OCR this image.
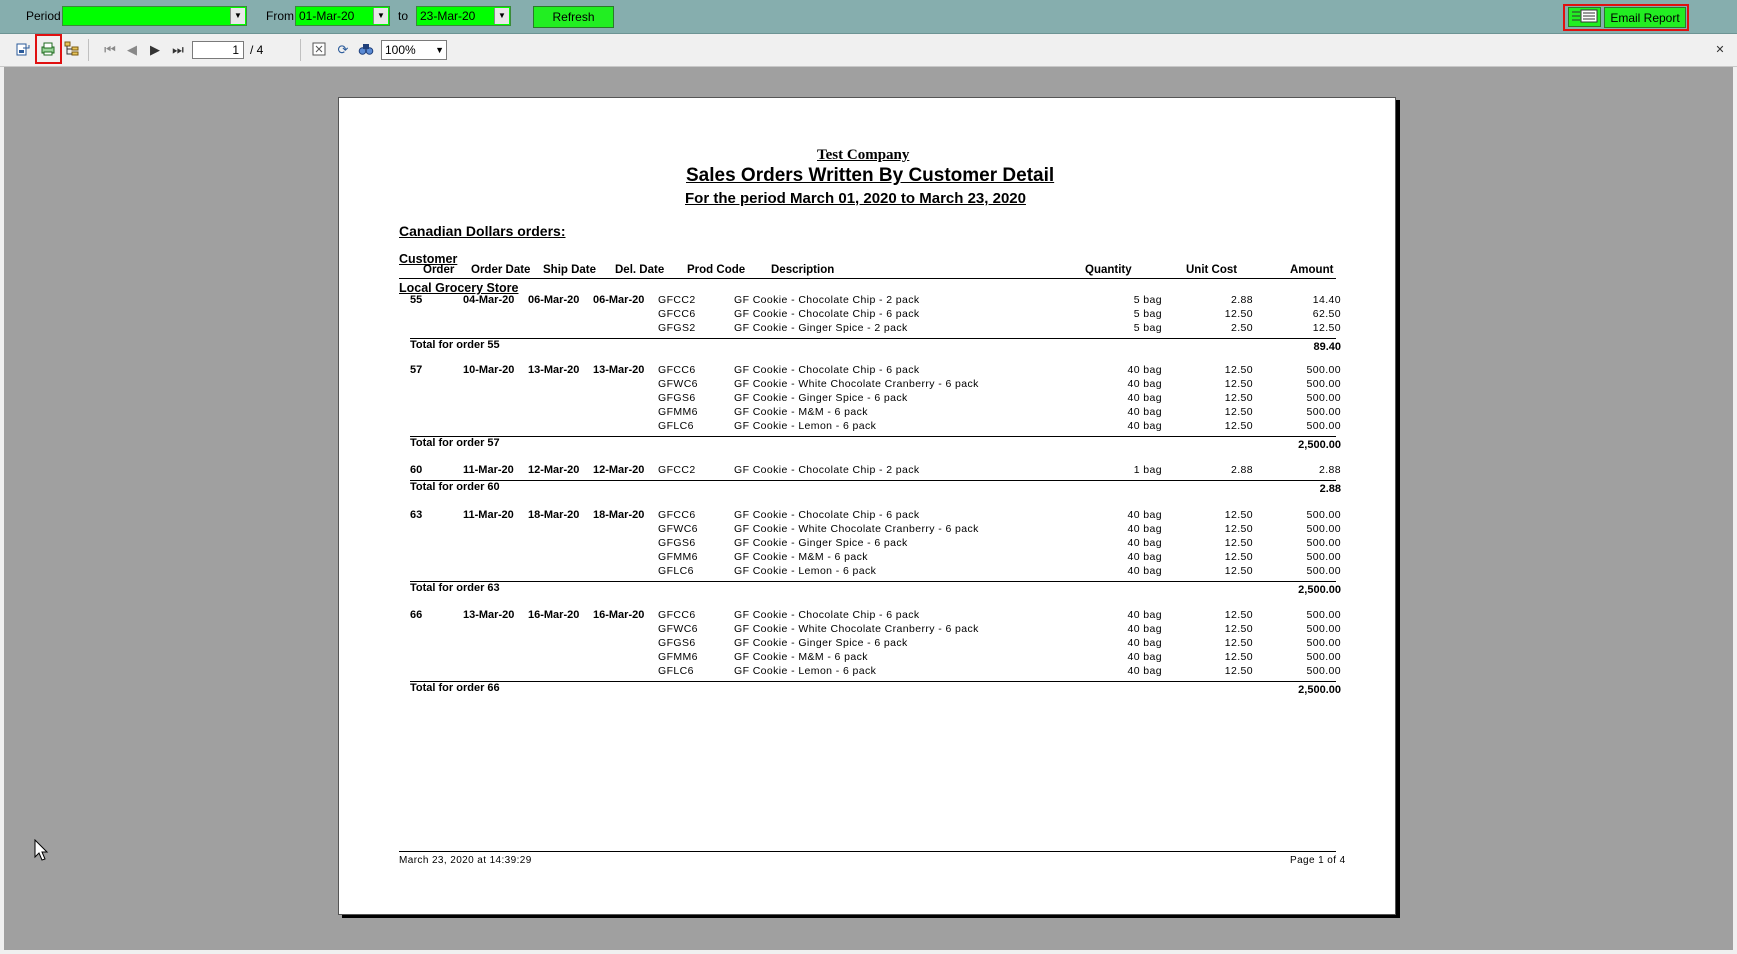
Period	▼ From 01-Mar-20	▼ to 23-Mar-20	▼	Refresh	Email Report
⏮ ◀	▶ ⏭	1 / 4	⟳	100% ▼	✕
Test Company
Sales Orders Written By Customer Detail
For the period March 01, 2020 to March 23, 2020
Canadian Dollars orders:
Customer
Order Order Date Ship Date Del. Date Prod Code Description	Quantity	Unit Cost	Amount
Local Grocery Store
55	04-Mar-20 06-Mar-20 06-Mar-20 GFCC2	GF Cookie - Chocolate Chip - 2 pack	5 bag	2.88	14.40
GFCC6	GF Cookie - Chocolate Chip - 6 pack	5 bag	12.50	62.50
GFGS2	GF Cookie - Ginger Spice - 2 pack	5 bag	2.50	12.50
Total for order 55	89.40
57	10-Mar-20 13-Mar-20 13-Mar-20 GFCC6	GF Cookie - Chocolate Chip - 6 pack	40 bag	12.50	500.00
GFWC6	GF Cookie - White Chocolate Cranberry - 6 pack	40 bag	12.50	500.00
GFGS6	GF Cookie - Ginger Spice - 6 pack	40 bag	12.50	500.00
GFMM6	GF Cookie - M&M - 6 pack	40 bag	12.50	500.00
GFLC6	GF Cookie - Lemon - 6 pack	40 bag	12.50	500.00
Total for order 57	2,500.00
60	11-Mar-20 12-Mar-20 12-Mar-20 GFCC2	GF Cookie - Chocolate Chip - 2 pack	1 bag	2.88	2.88
Total for order 60	2.88
63	11-Mar-20 18-Mar-20 18-Mar-20 GFCC6	GF Cookie - Chocolate Chip - 6 pack	40 bag	12.50	500.00
GFWC6	GF Cookie - White Chocolate Cranberry - 6 pack	40 bag	12.50	500.00
GFGS6	GF Cookie - Ginger Spice - 6 pack	40 bag	12.50	500.00
GFMM6	GF Cookie - M&M - 6 pack	40 bag	12.50	500.00
GFLC6	GF Cookie - Lemon - 6 pack	40 bag	12.50	500.00
Total for order 63	2,500.00
66	13-Mar-20 16-Mar-20 16-Mar-20 GFCC6	GF Cookie - Chocolate Chip - 6 pack	40 bag	12.50	500.00
GFWC6	GF Cookie - White Chocolate Cranberry - 6 pack	40 bag	12.50	500.00
GFGS6	GF Cookie - Ginger Spice - 6 pack	40 bag	12.50	500.00
GFMM6	GF Cookie - M&M - 6 pack	40 bag	12.50	500.00
GFLC6	GF Cookie - Lemon - 6 pack	40 bag	12.50	500.00
Total for order 66	2,500.00
March 23, 2020 at 14:39:29	Page 1 of 4
